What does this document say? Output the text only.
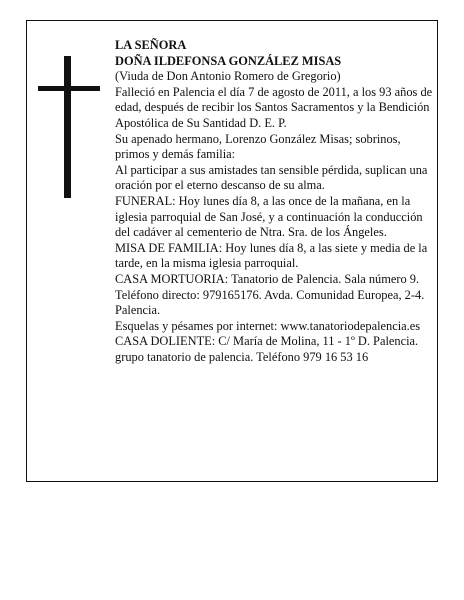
LA SEÑORA

DOÑA ILDEFONSA GONZÁLEZ MISAS

(Viuda de Don Antonio Romero de Gregorio)

Falleció en Palencia el día 7 de agosto de 2011, a los 93 años de edad, después de recibir los Santos Sacramentos y la Bendición Apostólica de Su Santidad D. E. P.

Su apenado hermano, Lorenzo González Misas; sobrinos, primos y demás familia:

Al participar a sus amistades tan sensible pérdida, suplican una oración por el eterno descanso de su alma.

FUNERAL: Hoy lunes día 8, a las once de la mañana, en la iglesia parroquial de San José, y a continuación la conducción del cadáver al cementerio de Ntra. Sra. de los Ángeles.

MISA DE FAMILIA: Hoy lunes día 8, a las siete y media de la tarde, en la misma iglesia parroquial.

CASA MORTUORIA: Tanatorio de Palencia. Sala número 9. Teléfono directo: 979165176. Avda. Comunidad Europea, 2-4. Palencia.

Esquelas y pésames por internet: www.tanatoriodepalencia.es

CASA DOLIENTE: C/ María de Molina, 11 - 1º D. Palencia.

grupo tanatorio de palencia. Teléfono 979 16 53 16
